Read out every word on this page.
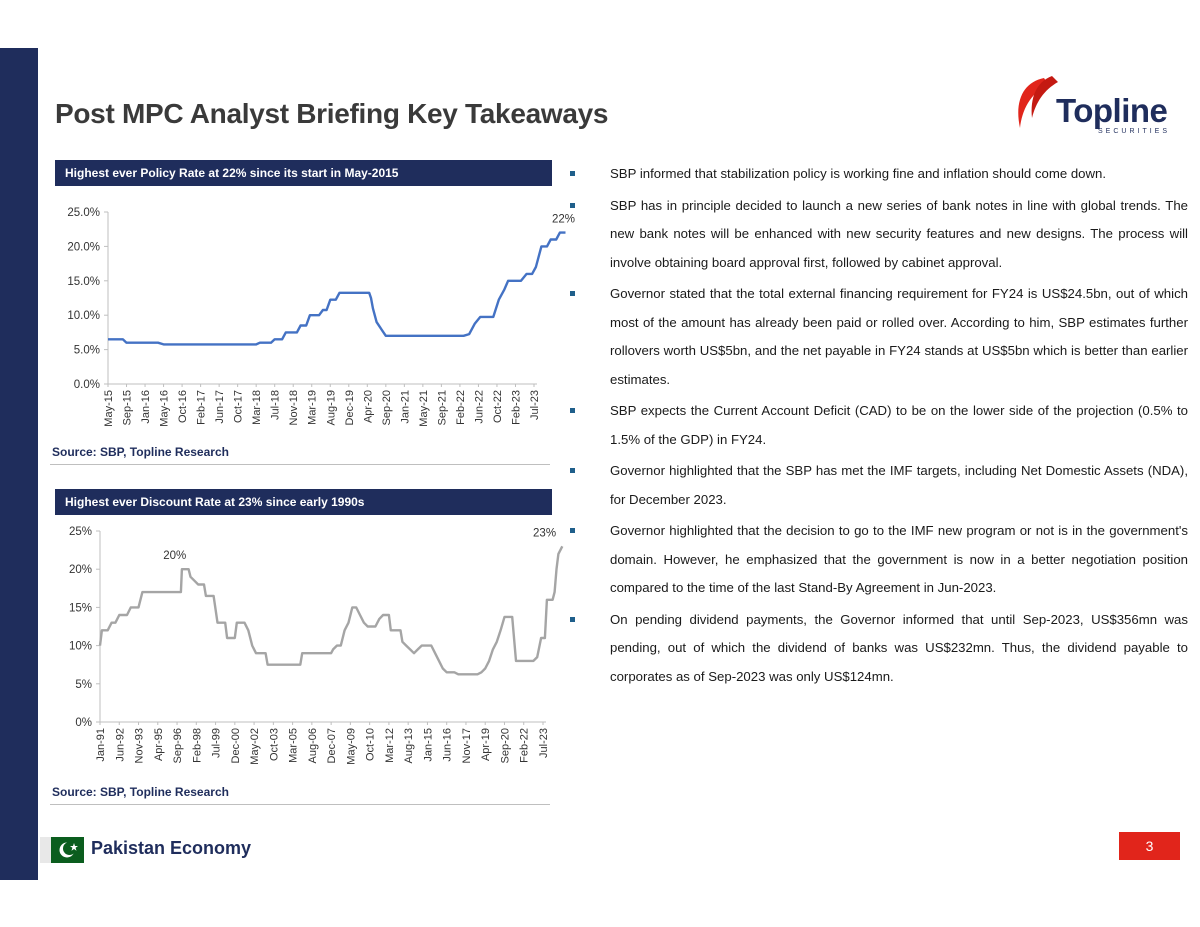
Post MPC Analyst Briefing Key Takeaways	Topline
SECURITIES
Highest ever Policy Rate at 22% since its start in May-2015
0.0%
5.0%
10.0%
15.0%
20.0%
25.0%
May-15 Sep-15 Jan-16 May-16 Oct-16 Feb-17 Jun-17 Oct-17 Mar-18 Jul-18 Nov-18 Mar-19 Aug-19 Dec-19 Apr-20 Sep-20 Jan-21 May-21 Sep-21 Feb-22 Jun-22 Oct-22 Feb-23 Jul-23
22%
Source: SBP, Topline Research
Highest ever Discount Rate at 23% since early 1990s
0%
5%
10%
15%
20%
25%
Jan-91 Jun-92 Nov-93 Apr-95 Sep-96 Feb-98 Jul-99 Dec-00 May-02 Oct-03 Mar-05 Aug-06 Dec-07 May-09 Oct-10 Mar-12 Aug-13 Jan-15 Jun-16 Nov-17 Apr-19 Sep-20 Feb-22 Jul-23
20%
23%
Source: SBP, Topline Research
SBP informed that stabilization policy is working fine and inflation should come down.
SBP has in principle decided to launch a new series of bank notes in line with global trends. The new bank notes will be enhanced with new security features and new designs. The process will involve obtaining board approval first, followed by cabinet approval.
Governor stated that the total external financing requirement for FY24 is US$24.5bn, out of which most of the amount has already been paid or rolled over. According to him, SBP estimates further rollovers worth US$5bn, and the net payable in FY24 stands at US$5bn which is better than earlier estimates.
SBP expects the Current Account Deficit (CAD) to be on the lower side of the projection (0.5% to 1.5% of the GDP) in FY24.
Governor highlighted that the SBP has met the IMF targets, including Net Domestic Assets (NDA), for December 2023.
Governor highlighted that the decision to go to the IMF new program or not is in the government's domain. However, he emphasized that the government is now in a better negotiation position compared to the time of the last Stand-By Agreement in Jun-2023.
On pending dividend payments, the Governor informed that until Sep-2023, US$356mn was pending, out of which the dividend of banks was US$232mn. Thus, the dividend payable to corporates as of Sep-2023 was only US$124mn.
Pakistan Economy	3
